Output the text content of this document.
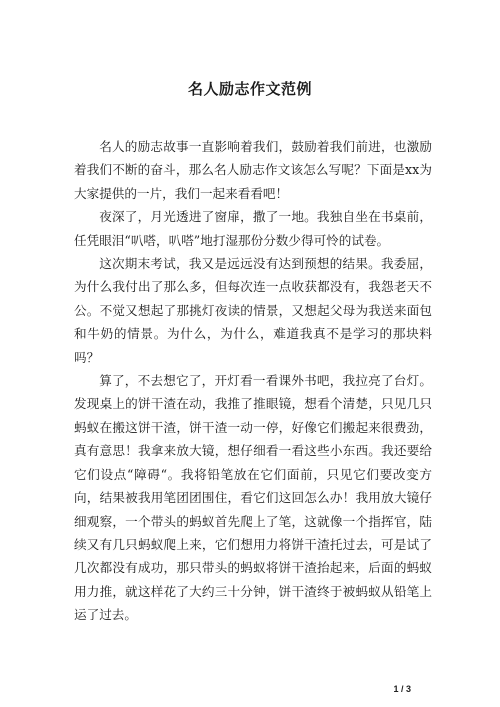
名人励志作文范例

名人的励志故事一直影响着我们，鼓励着我们前进，也激励着我们不断的奋斗，那么名人励志作文该怎么写呢？下面是xx为大家提供的一片，我们一起来看看吧！

夜深了，月光透进了窗扉，撒了一地。我独自坐在书桌前，任凭眼泪“叭嗒，叭嗒”地打湿那份分数少得可怜的试卷。

这次期末考试，我又是远远没有达到预想的结果。我委屈，为什么我付出了那么多，但每次连一点收获都没有，我怨老天不公。不觉又想起了那挑灯夜读的情景，又想起父母为我送来面包和牛奶的情景。为什么，为什么，难道我真不是学习的那块料吗？

算了，不去想它了，开灯看一看课外书吧，我拉亮了台灯。发现桌上的饼干渣在动，我推了推眼镜，想看个清楚，只见几只蚂蚁在搬这饼干渣，饼干渣一动一停，好像它们搬起来很费劲，真有意思！我拿来放大镜，想仔细看一看这些小东西。我还要给它们设点“障碍“。我将铅笔放在它们面前，只见它们要改变方向，结果被我用笔团团围住，看它们这回怎么办！我用放大镜仔细观察，一个带头的蚂蚁首先爬上了笔，这就像一个指挥官，陆续又有几只蚂蚁爬上来，它们想用力将饼干渣托过去，可是试了几次都没有成功，那只带头的蚂蚁将饼干渣抬起来，后面的蚂蚁用力推，就这样花了大约三十分钟，饼干渣终于被蚂蚁从铅笔上运了过去。

1 / 3
